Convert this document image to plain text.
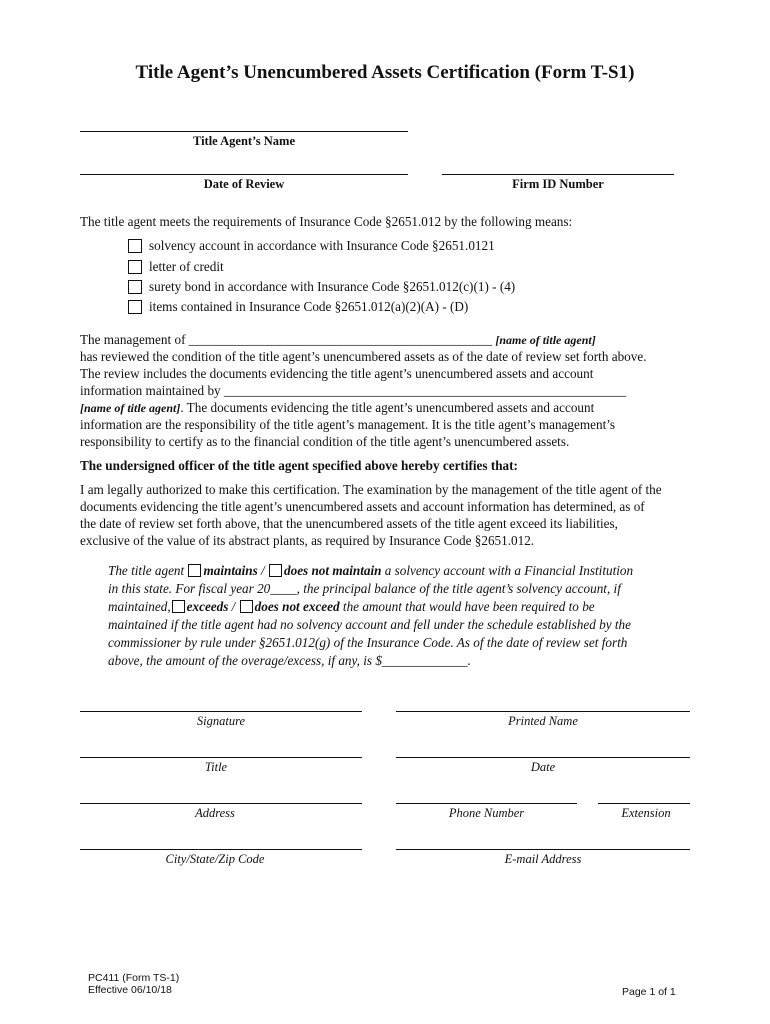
Title Agent’s Unencumbered Assets Certification (Form T-S1)
Title Agent’s Name
Date of Review	Firm ID Number
The title agent meets the requirements of Insurance Code §2651.012 by the following means:
solvency account in accordance with Insurance Code §2651.0121
letter of credit
surety bond in accordance with Insurance Code §2651.012(c)(1) - (4)
items contained in Insurance Code §2651.012(a)(2)(A) - (D)
The management of ______________________________________________ [name of title agent]
has reviewed the condition of the title agent’s unencumbered assets as of the date of review set forth above.
The review includes the documents evidencing the title agent’s unencumbered assets and account
information maintained by _____________________________________________________________
[name of title agent]. The documents evidencing the title agent’s unencumbered assets and account
information are the responsibility of the title agent’s management. It is the title agent’s management’s
responsibility to certify as to the financial condition of the title agent’s unencumbered assets.
The undersigned officer of the title agent specified above hereby certifies that:
I am legally authorized to make this certification. The examination by the management of the title agent of the
documents evidencing the title agent’s unencumbered assets and account information has determined, as of
the date of review set forth above, that the unencumbered assets of the title agent exceed its liabilities,
exclusive of the value of its abstract plants, as required by Insurance Code §2651.012.
The title agent maintains / does not maintain a solvency account with a Financial Institution
in this state. For fiscal year 20____, the principal balance of the title agent’s solvency account, if
maintained, exceeds / does not exceed the amount that would have been required to be
maintained if the title agent had no solvency account and fell under the schedule established by the
commissioner by rule under §2651.012(g) of the Insurance Code. As of the date of review set forth
above, the amount of the overage/excess, if any, is $_____________.
Signature	Printed Name
Title	Date
Address	Phone Number	Extension
City/State/Zip Code	E-mail Address
PC411 (Form TS-1)
Effective 06/10/18	Page 1 of 1
